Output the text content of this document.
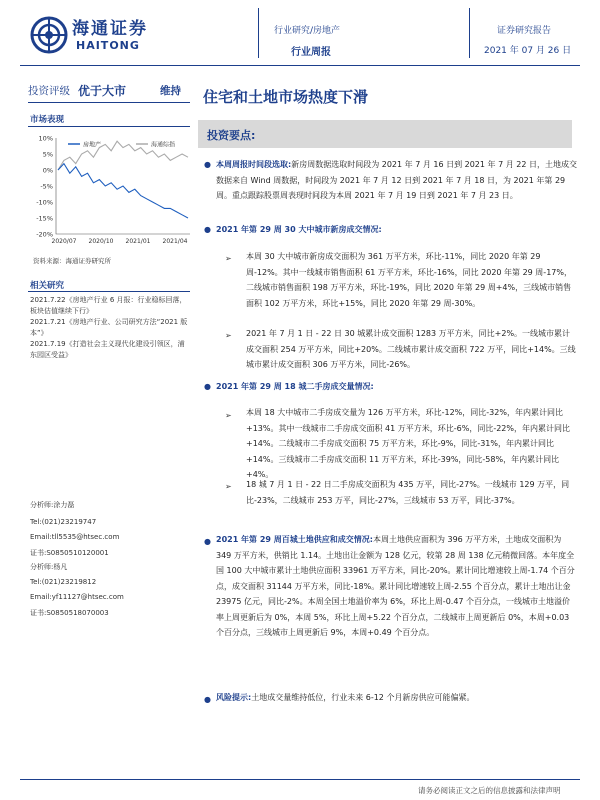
海通证券
HAITONG
行业研究/房地产
行业周报
证券研究报告
2021 年 07 月 26 日
投资评级 优于大市	维持 住宅和土地市场热度下滑
市场表现
10%
5%
0%
-5%
-10%
-15%
-20%
2020/07 2020/10 2021/01 2021/04
房地产	海通综指
资料来源：海通证券研究所
相关研究
2021.7.22《房地产行业 6 月报：行业稳标回落，板块估值继续下行》
2021.7.21《房地产行业、公司研究方法“2021 版本”》
2021.7.19《打造社会主义现代化建设引领区，浦东园区受益》
分析师:涂力磊
Tel:(021)23219747
Email:tll5535@htsec.com
证书:S0850510120001
分析师:杨凡
Tel:(021)23219812
Email:yf11127@htsec.com
证书:S0850518070003
投资要点:
● 本周周报时间段选取:新房周数据选取时间段为 2021 年 7 月 16 日到 2021 年 7 月 22 日，土地成交数据来自 Wind 周数据，时间段为 2021 年 7 月 12 日到 2021 年 7 月 18 日，为 2021 年第 29 周。重点跟踪股票周表现时间段为本周 2021 年 7 月 19 日到 2021 年 7 月 23 日。
● 2021 年第 29 周 30 大中城市新房成交情况:
➢ 本周 30 大中城市新房成交面积为 361 万平方米，环比-11%，同比 2020 年第 29 周-12%。其中一线城市销售面积 61 万平方米，环比-16%，同比 2020 年第 29 周-17%，二线城市销售面积 198 万平方米，环比-19%，同比 2020 年第 29 周+4%，三线城市销售面积 102 万平方米，环比+15%，同比 2020 年第 29 周-30%。
➢ 2021 年 7 月 1 日 - 22 日 30 城累计成交面积 1283 万平方米，同比+2%。一线城市累计成交面积 254 万平方米，同比+20%。二线城市累计成交面积 722 万平，同比+14%。三线城市累计成交面积 306 万平方米，同比-26%。
● 2021 年第 29 周 18 城二手房成交量情况:
➢ 本周 18 大中城市二手房成交量为 126 万平方米，环比-12%，同比-32%，年内累计同比+13%。其中一线城市二手房成交面积 41 万平方米，环比-6%，同比-22%，年内累计同比+14%。二线城市二手房成交面积 75 万平方米，环比-9%，同比-31%，年内累计同比+14%。三线城市二手房成交面积 11 万平方米，环比-39%，同比-58%，年内累计同比+4%。
➢ 18 城 7 月 1 日 - 22 日二手房成交面积为 435 万平，同比-27%。一线城市 129 万平，同比-23%，二线城市 253 万平，同比-27%，三线城市 53 万平，同比-37%。
● 2021 年第 29 周百城土地供应和成交情况:本周土地供应面积为 396 万平方米，土地成交面积为 349 万平方米，供销比 1.14。土地出让金额为 128 亿元，较第 28 周 138 亿元稍微回落。本年度全国 100 大中城市累计土地供应面积 33961 万平方米，同比-20%。累计同比增速较上周-1.74 个百分点，成交面积 31144 万平方米，同比-18%。累计同比增速较上周-2.55 个百分点，累计土地出让金 23975 亿元，同比-2%。本周全国土地溢价率为 6%，环比上周-0.47 个百分点，一线城市土地溢价率上周更新后为 0%，本周 5%，环比上周+5.22 个百分点，二线城市上周更新后 0%，本周+0.03 个百分点，三线城市上周更新后 9%，本周+0.49 个百分点。
● 风险提示:土地成交量维持低位，行业未来 6-12 个月新房供应可能偏紧。
请务必阅读正文之后的信息披露和法律声明
